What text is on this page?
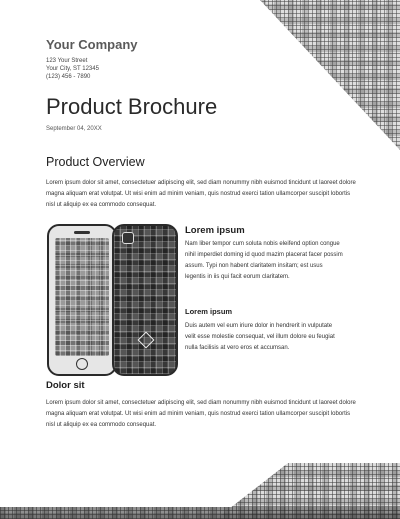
Your Company
123 Your Street
Your City, ST 12345
(123) 456 - 7890
Product Brochure
September 04, 20XX
Product Overview
Lorem ipsum dolor sit amet, consectetuer adipiscing elit, sed diam nonummy nibh euismod tincidunt ut laoreet dolore magna aliquam erat volutpat. Ut wisi enim ad minim veniam, quis nostrud exerci tation ullamcorper suscipit lobortis nisl ut aliquip ex ea commodo consequat.
Lorem ipsum
Nam liber tempor cum soluta nobis eleifend option congue nihil imperdiet doming id quod mazim placerat facer possim assum. Typi non habent claritatem insitam; est usus legentis in iis qui facit eorum claritatem.
Lorem ipsum
Duis autem vel eum iriure dolor in hendrerit in vulputate velit esse molestie consequat, vel illum dolore eu feugiat nulla facilisis at vero eros et accumsan.
Dolor sit
Lorem ipsum dolor sit amet, consectetuer adipiscing elit, sed diam nonummy nibh euismod tincidunt ut laoreet dolore magna aliquam erat volutpat. Ut wisi enim ad minim veniam, quis nostrud exerci tation ullamcorper suscipit lobortis nisl ut aliquip ex ea commodo consequat.
